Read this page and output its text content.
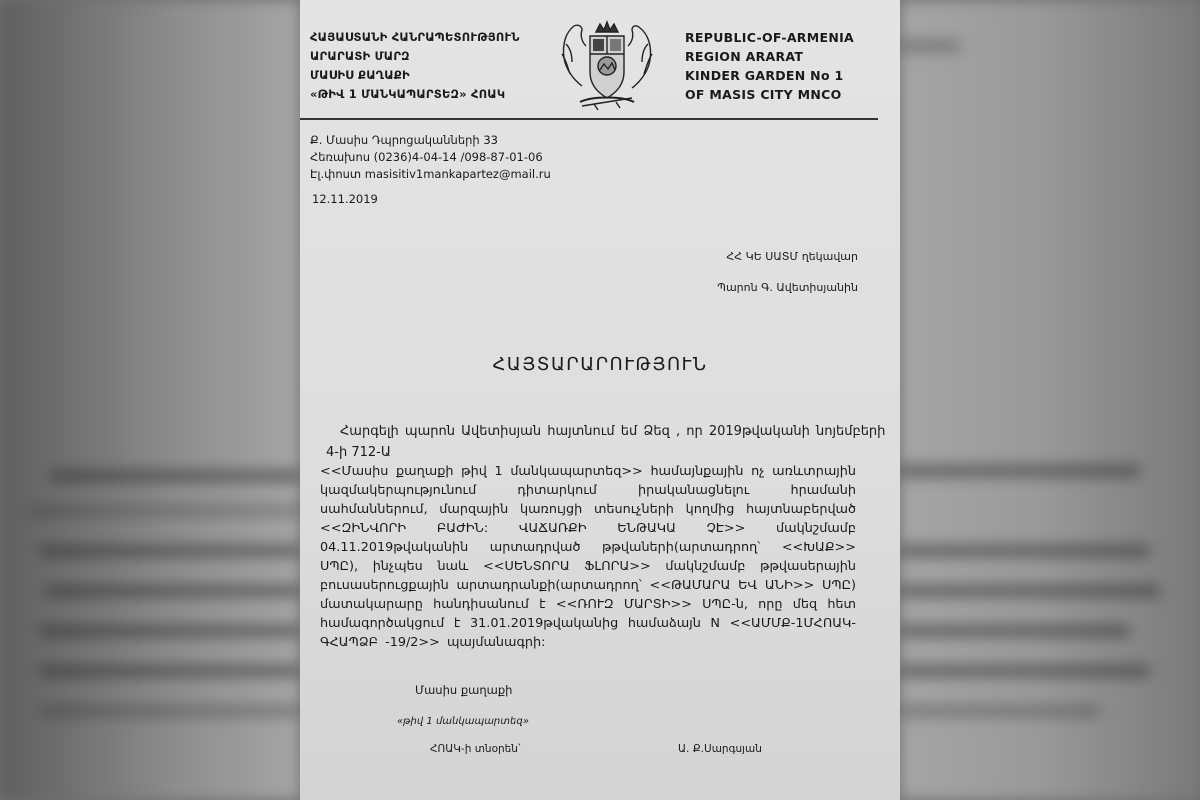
ՀԱՅԱՍՏԱՆԻ ՀԱՆՐԱՊԵՏՈՒԹՅՈՒՆ
ԱՐԱՐԱՏԻ ՄԱՐԶ
ՄԱՍԻՍ ՔԱՂԱՔԻ
«ԹԻՎ 1 ՄԱՆԿԱՊԱՐՏԵԶ» ՀՈԱԿ
REPUBLIC-OF-ARMENIA
REGION ARARAT
KINDER GARDEN No 1
OF MASIS CITY MNCO
Ք. Մասիս Դպրոցականների 33
Հեռախոս (0236)4-04-14 /098-87-01-06
Էլ.փոստ masisitiv1mankapartez@mail.ru
12.11.2019
ՀՀ ԿԵ ՍԱՏՄ ղեկավար
Պարոն Գ. Ավետիսյանին
ՀԱՅՏԱՐԱՐՈՒԹՅՈՒՆ
Հարգելի պարոն Ավետիսյան հայտնում եմ Ձեզ , որ 2019թվականի նոյեմբերի
4-ի 712-Ա
<<Մասիս քաղաքի թիվ 1 մանկապարտեզ>> համայնքային ոչ առևտրային կազմակերպությունում դիտարկում իրականացնելու հրամանի սահմաններում, մարզային կառույցի տեսուչների կողմից հայտնաբերված <<ԶԻՆՎՈՐԻ ԲԱԺԻՆ: ՎԱՃԱՌՔԻ ԵՆԹԱԿԱ ՉԷ>> մակնշմամբ 04.11.2019թվականին արտադրված թթվաների(արտադրող՝ <<ԽԱՔ>> ՍՊԸ), ինչպես նաև <<ՍԵՆՏՈՐԱ ՖԼՈՐԱ>> մակնշմամբ թթվասերային բուսասերուցքային արտադրանքի(արտադրող՝ <<ԹԱՄԱՐԱ ԵՎ ԱՆԻ>> ՍՊԸ) մատակարարը հանդիսանում է <<ՌՈՒԶ ՄԱՐՏԻ>> ՍՊԸ-ն, որը մեզ հետ համագործակցում է 31.01.2019թվականից համաձայն N <<ԱՄՄՔ-1ՄՀՈԱԿ-ԳՀԱՊՁԲ -19/2>> պայմանագրի:
Մասիս քաղաքի
«թիվ 1 մանկապարտեզ»
ՀՈԱԿ-ի տնօրեն՝	Ա. Ք.Սարգսյան
